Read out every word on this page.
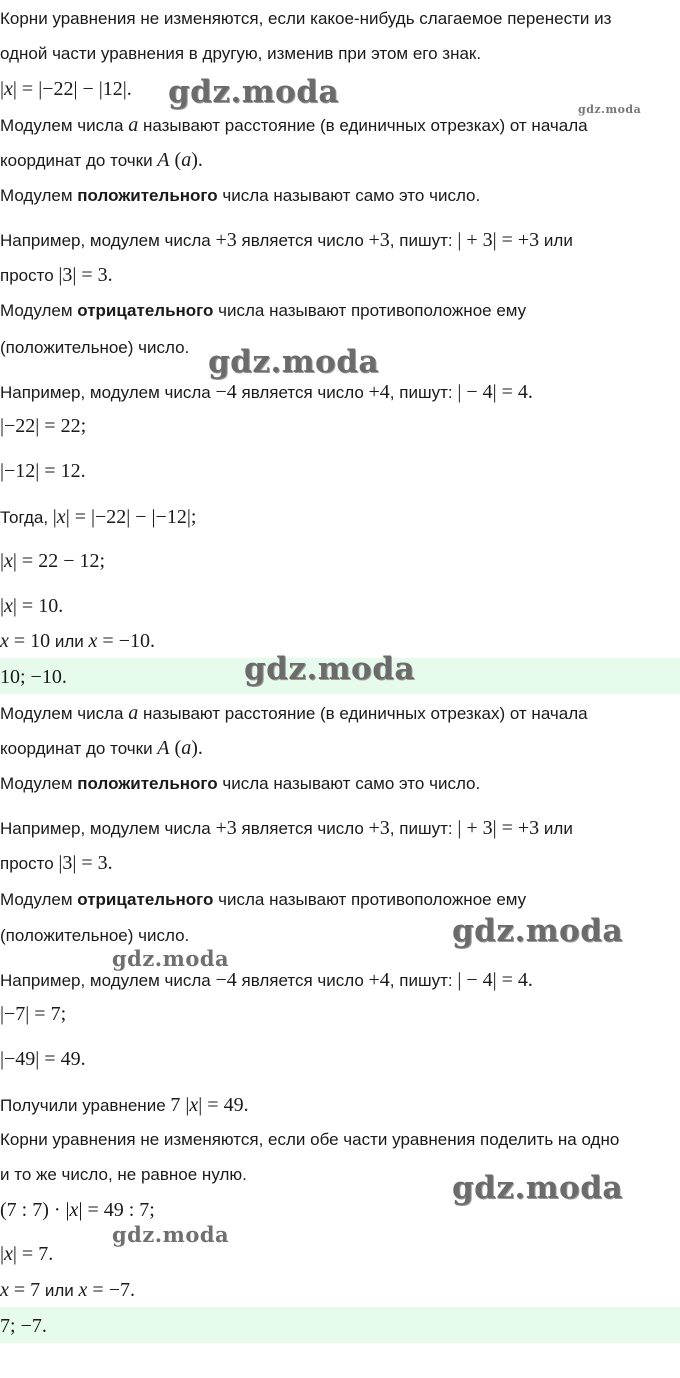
Корни уравнения не изменяются, если какое-нибудь слагаемое перенести из
одной части уравнения в другую, изменив при этом его знак.
|x| = |−22| − |12|.
Модулем числа a называют расстояние (в единичных отрезках) от начала
координат до точки A (a).
Модулем положительного числа называют само это число.
Например, модулем числа +3 является число +3, пишут: | + 3| = +3 или
просто |3| = 3.
Модулем отрицательного числа называют противоположное ему
(положительное) число.
Например, модулем числа −4 является число +4, пишут: | − 4| = 4.
|−22| = 22;
|−12| = 12.
Тогда, |x| = |−22| − |−12|;
|x| = 22 − 12;
|x| = 10.
x = 10 или x = −10.
10; −10.
Модулем числа a называют расстояние (в единичных отрезках) от начала
координат до точки A (a).
Модулем положительного числа называют само это число.
Например, модулем числа +3 является число +3, пишут: | + 3| = +3 или
просто |3| = 3.
Модулем отрицательного числа называют противоположное ему
(положительное) число.
Например, модулем числа −4 является число +4, пишут: | − 4| = 4.
|−7| = 7;
|−49| = 49.
Получили уравнение 7 |x| = 49.
Корни уравнения не изменяются, если обе части уравнения поделить на одно
и то же число, не равное нулю.
(7 : 7) · |x| = 49 : 7;
|x| = 7.
x = 7 или x = −7.
7; −7.
gdz.moda	gdz.moda
gdz.moda
gdz.moda
gdz.moda
gdz.moda
gdz.moda
gdz.moda
